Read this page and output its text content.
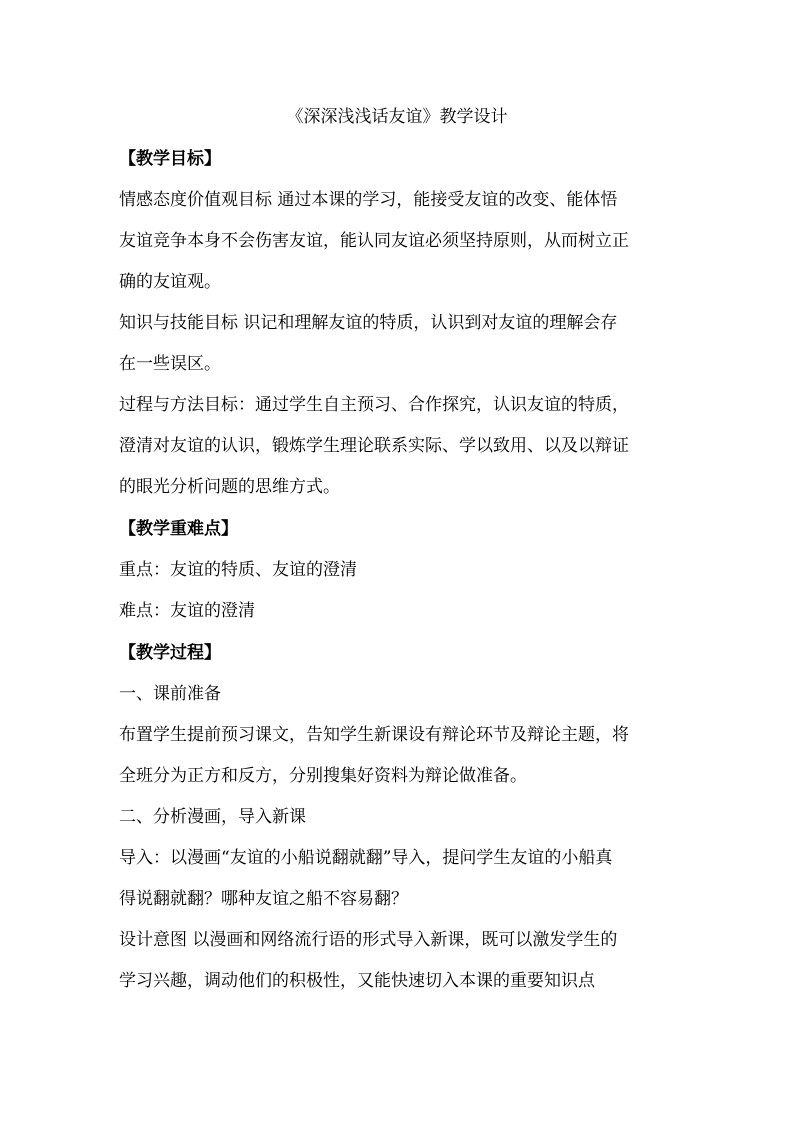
《深深浅浅话友谊》教学设计
【教学目标】
情感态度价值观目标 通过本课的学习，能接受友谊的改变、能体悟
友谊竞争本身不会伤害友谊，能认同友谊必须坚持原则，从而树立正
确的友谊观。
知识与技能目标 识记和理解友谊的特质，认识到对友谊的理解会存
在一些误区。
过程与方法目标：通过学生自主预习、合作探究，认识友谊的特质，
澄清对友谊的认识，锻炼学生理论联系实际、学以致用、以及以辩证
的眼光分析问题的思维方式。
【教学重难点】
重点：友谊的特质、友谊的澄清
难点：友谊的澄清
【教学过程】
一、课前准备
布置学生提前预习课文，告知学生新课设有辩论环节及辩论主题，将
全班分为正方和反方，分别搜集好资料为辩论做准备。
二、分析漫画，导入新课
导入：以漫画“友谊的小船说翻就翻”导入，提问学生友谊的小船真
得说翻就翻？哪种友谊之船不容易翻？
设计意图 以漫画和网络流行语的形式导入新课，既可以激发学生的
学习兴趣，调动他们的积极性，又能快速切入本课的重要知识点
